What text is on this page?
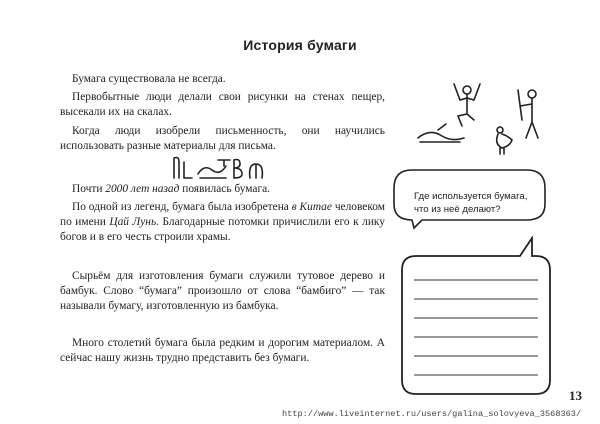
История бумаги
Бумага существовала не всегда.
Первобытные люди делали свои рисунки на стенах пещер, высекали их на скалах.
Когда люди изобрели письменность, они научились использовать разные материалы для письма.
Почти 2000 лет назад появилась бумага.
По одной из легенд, бумага была изобретена в Китае человеком по имени Цай Лунь. Благодарные потомки причислили его к лику богов и в его честь строили храмы.
Сырьём для изготовления бумаги служили тутовое дерево и бамбук. Слово “бумага” произошло от слова “бамбиго” — так называли бумагу, изготовленную из бамбука.
Много столетий бумага была редким и дорогим материалом. А сейчас нашу жизнь трудно представить без бумаги.
Где используется бумага, что из неё делают?
13
http://www.liveinternet.ru/users/galina_solovyeva_3568363/
